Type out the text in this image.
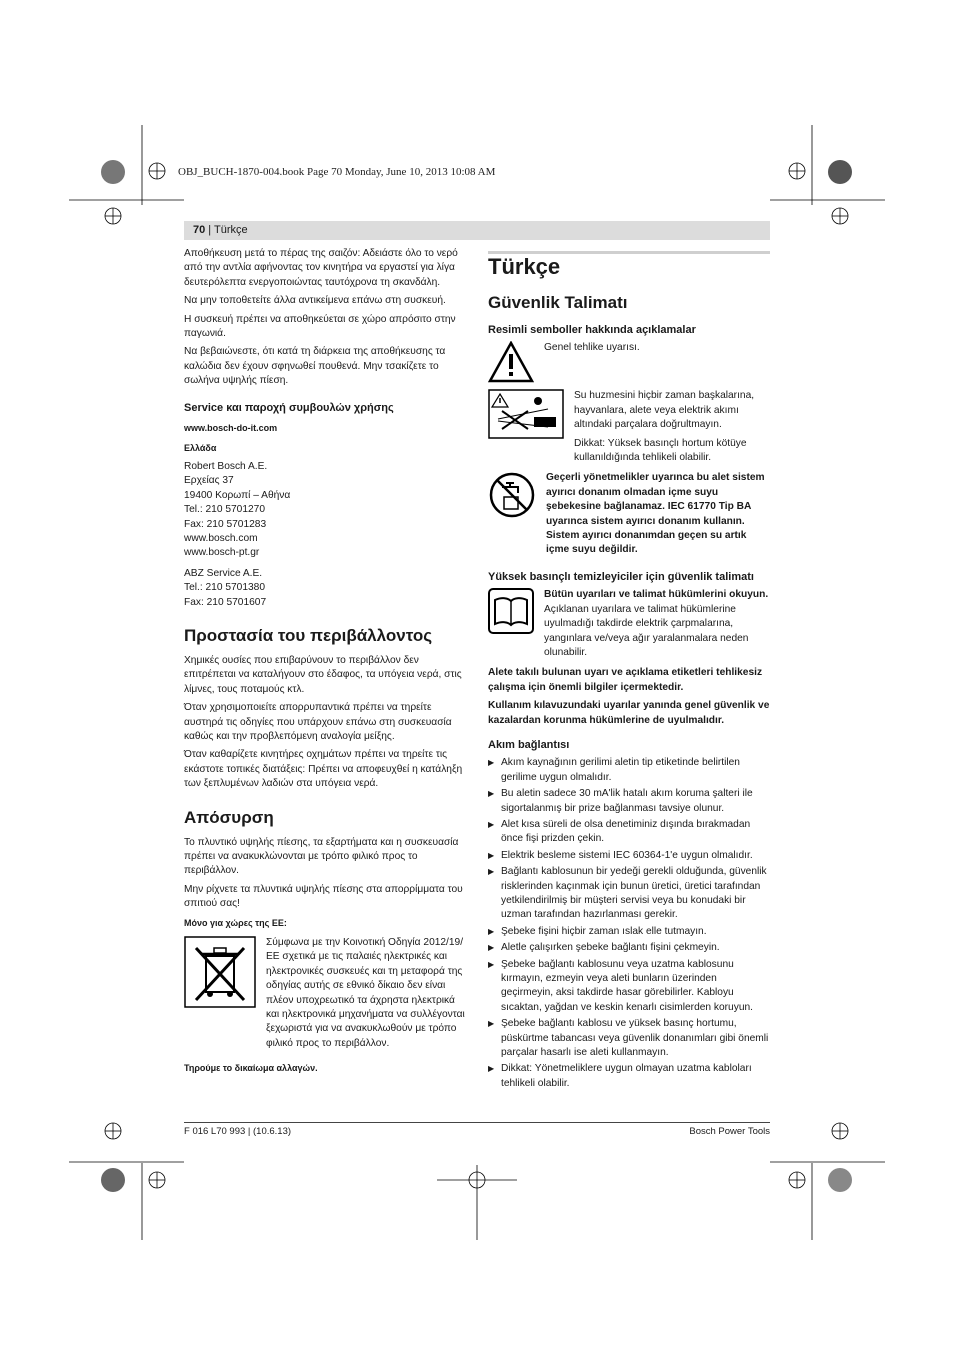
OBJ_BUCH-1870-004.book Page 70 Monday, June 10, 2013 10:08 AM
70 | Türkçe

Αποθήκευση μετά το πέρας της σαιζόν: Αδειάστε όλο το νερό από την αντλία αφήνοντας τον κινητήρα να εργαστεί για λίγα δευτερόλεπτα ενεργοποιώντας ταυτόχρονα τη σκανδάλη.

Να μην τοποθετείτε άλλα αντικείμενα επάνω στη συσκευή.

Η συσκευή πρέπει να αποθηκεύεται σε χώρο απρόσιτο στην παγωνιά.

Να βεβαιώνεστε, ότι κατά τη διάρκεια της αποθήκευσης τα καλώδια δεν έχουν σφηνωθεί πουθενά. Μην τσακίζετε το σωλήνα υψηλής πίεση.

Service και παροχή συμβουλών χρήσης

www.bosch-do-it.com

Ελλάδα

Robert Bosch A.E.

Ερχείας 37

19400 Κορωπί – Αθήνα

Tel.: 210 5701270

Fax: 210 5701283

www.bosch.com

www.bosch-pt.gr

ABZ Service A.E.

Tel.: 210 5701380

Fax: 210 5701607

Προστασία του περιβάλλοντος

Χημικές ουσίες που επιβαρύνουν το περιβάλλον δεν επιτρέπεται να καταλήγουν στο έδαφος, τα υπόγεια νερά, στις λίμνες, τους ποταμούς κτλ.

Όταν χρησιμοποιείτε απορρυπαντικά πρέπει να τηρείτε αυστηρά τις οδηγίες που υπάρχουν επάνω στη συσκευασία καθώς και την προβλεπόμενη αναλογία μείξης.

Όταν καθαρίζετε κινητήρες οχημάτων πρέπει να τηρείτε τις εκάστοτε τοπικές διατάξεις: Πρέπει να αποφευχθεί η κατάληξη των ξεπλυμένων λαδιών στα υπόγεια νερά.

Απόσυρση

Το πλυντικό υψηλής πίεσης, τα εξαρτήματα και η συσκευασία πρέπει να ανακυκλώνονται με τρόπο φιλικό προς το περιβάλλον.

Μην ρίχνετε τα πλυντικά υψηλής πίεσης στα απορρίμματα του σπιτιού σας!

Μόνο για χώρες της ΕΕ:

Σύμφωνα με την Κοινοτική Οδηγία 2012/19/ΕΕ σχετικά με τις παλαιές ηλεκτρικές και ηλεκτρονικές συσκευές και τη μεταφορά της οδηγίας αυτής σε εθνικό δίκαιο δεν είναι πλέον υποχρεωτικό τα άχρηστα ηλεκτρικά και ηλεκτρονικά μηχανήματα να συλλέγονται ξεχωριστά για να ανακυκλωθούν με τρόπο φιλικό προς το περιβάλλον.

Τηρούμε το δικαίωμα αλλαγών.

Türkçe

Güvenlik Talimatı

Resimli semboller hakkında açıklamalar

Genel tehlike uyarısı.

Su huzmesini hiçbir zaman başkalarına, hayvanlara, alete veya elektrik akımı altındaki parçalara doğrultmayın.

Dikkat: Yüksek basınçlı hortum kötüye kullanıldığında tehlikeli olabilir.

Geçerli yönetmelikler uyarınca bu alet sistem ayırıcı donanım olmadan içme suyu şebekesine bağlanamaz. IEC 61770 Tip BA uyarınca sistem ayırıcı donanım kullanın. Sistem ayırıcı donanımdan geçen su artık içme suyu değildir.

Yüksek basınçlı temizleyiciler için güvenlik talimatı

Bütün uyarıları ve talimat hükümlerini okuyun.

Açıklanan uyarılara ve talimat hükümlerine uyulmadığı takdirde elektrik çarpmalarına, yangınlara ve/veya ağır yaralanmalara neden olunabilir.

Alete takılı bulunan uyarı ve açıklama etiketleri tehlikesiz çalışma için önemli bilgiler içermektedir.

Kullanım kılavuzundaki uyarılar yanında genel güvenlik ve kazalardan korunma hükümlerine de uyulmalıdır.

Akım bağlantısı

▶ Akım kaynağının gerilimi aletin tip etiketinde belirtilen gerilime uygun olmalıdır.
▶ Bu aletin sadece 30 mA'lik hatalı akım koruma şalteri ile sigortalanmış bir prize bağlanması tavsiye olunur.
▶ Alet kısa süreli de olsa denetiminiz dışında bırakmadan önce fişi prizden çekin.
▶ Elektrik besleme sistemi IEC 60364-1'e uygun olmalıdır.
▶ Bağlantı kablosunun bir yedeği gerekli olduğunda, güvenlik risklerinden kaçınmak için bunun üretici, üretici tarafından yetkilendirilmiş bir müşteri servisi veya bu konudaki bir uzman tarafından hazırlanması gerekir.
▶ Şebeke fişini hiçbir zaman ıslak elle tutmayın.
▶ Aletle çalışırken şebeke bağlantı fişini çekmeyin.
▶ Şebeke bağlantı kablosunu veya uzatma kablosunu kırmayın, ezmeyin veya aleti bunların üzerinden geçirmeyin, aksi takdirde hasar görebilirler. Kabloyu sıcaktan, yağdan ve keskin kenarlı cisimlerden koruyun.
▶ Şebeke bağlantı kablosu ve yüksek basınç hortumu, püskürtme tabancası veya güvenlik donanımları gibi önemli parçalar hasarlı ise aleti kullanmayın.
▶ Dikkat: Yönetmeliklere uygun olmayan uzatma kabloları tehlikeli olabilir.
F 016 L70 993 | (10.6.13)	Bosch Power Tools
